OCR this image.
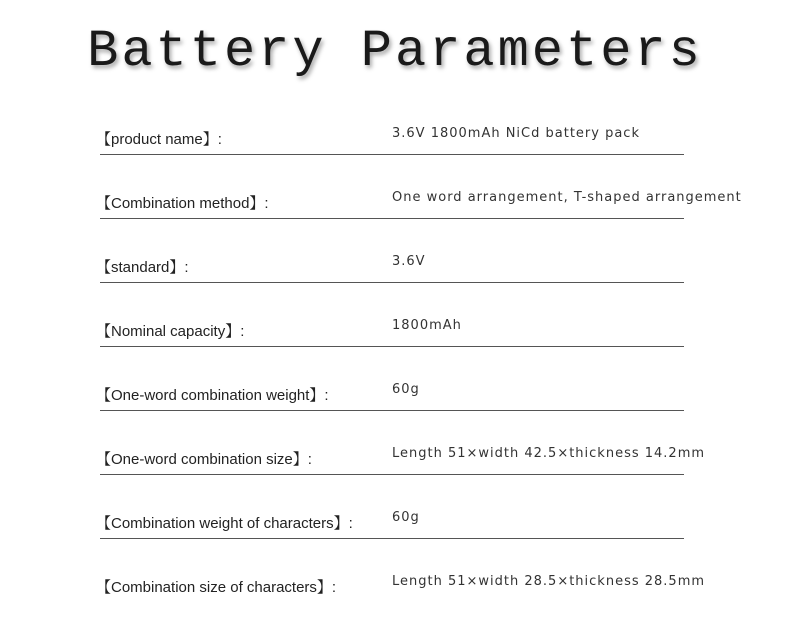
Battery Parameters
【product name】:	3.6V 1800mAh NiCd battery pack
【Combination method】:	One word arrangement, T-shaped arrangement
【standard】:	3.6V
【Nominal capacity】:	1800mAh
【One-word combination weight】:	60g
【One-word combination size】:	Length 51×width 42.5×thickness 14.2mm
【Combination weight of characters】:	60g
【Combination size of characters】:	Length 51×width 28.5×thickness 28.5mm
